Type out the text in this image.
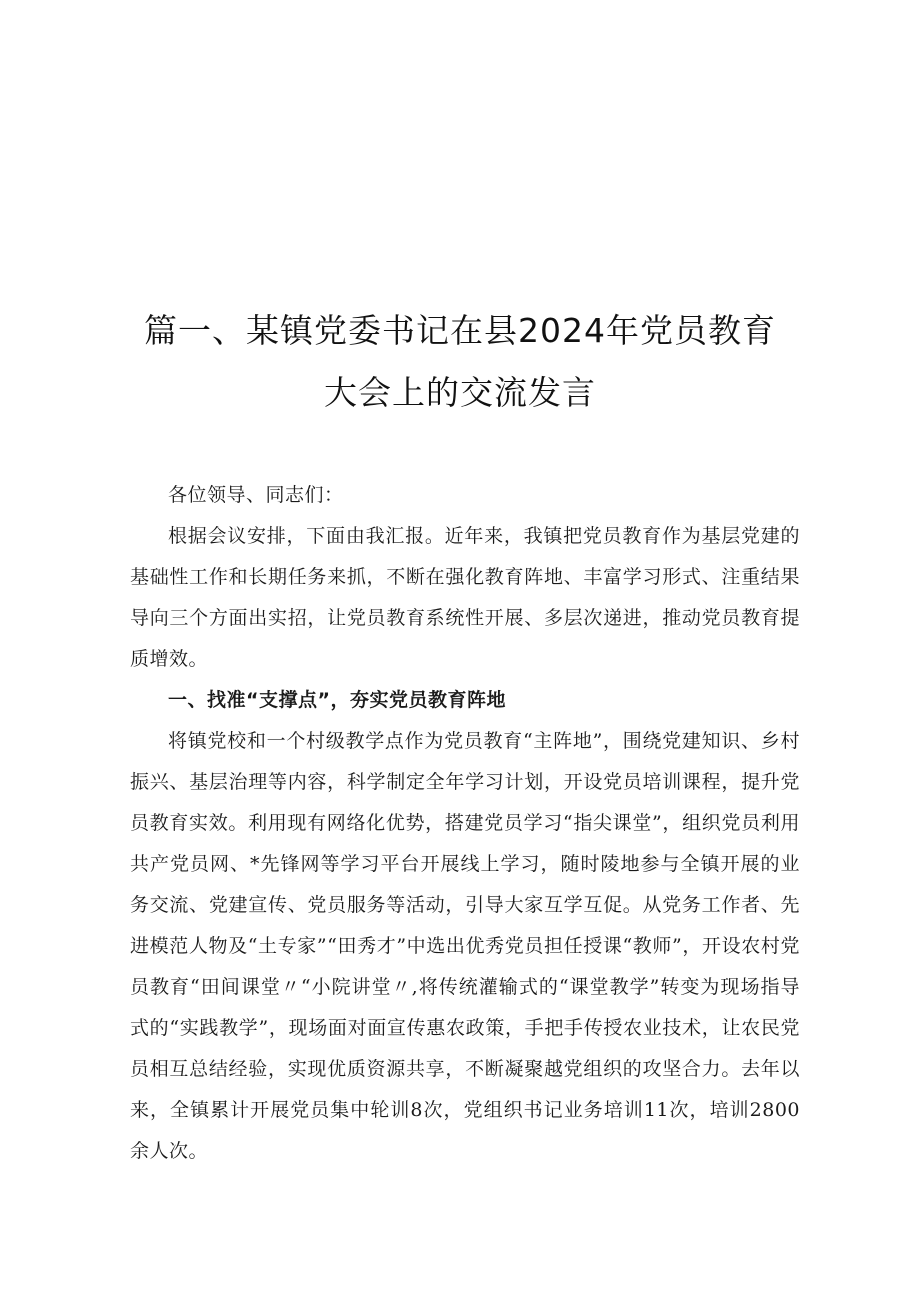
篇一、某镇党委书记在县2024年党员教育大会上的交流发言

各位领导、同志们：

根据会议安排，下面由我汇报。近年来，我镇把党员教育作为基层党建的基础性工作和长期任务来抓，不断在强化教育阵地、丰富学习形式、注重结果导向三个方面出实招，让党员教育系统性开展、多层次递进，推动党员教育提质增效。

一、找准“支撑点”，夯实党员教育阵地

将镇党校和一个村级教学点作为党员教育“主阵地”，围绕党建知识、乡村振兴、基层治理等内容，科学制定全年学习计划，开设党员培训课程，提升党员教育实效。利用现有网络化优势，搭建党员学习“指尖课堂”，组织党员利用共产党员网、*先锋网等学习平台开展线上学习，随时陵地参与全镇开展的业务交流、党建宣传、党员服务等活动，引导大家互学互促。从党务工作者、先进模范人物及“土专家”“田秀才”中选出优秀党员担任授课“教师”，开设农村党员教育“田间课堂〃“小院讲堂〃,将传统灌输式的“课堂教学”转变为现场指导式的“实践教学”，现场面对面宣传惠农政策，手把手传授农业技术，让农民党员相互总结经验，实现优质资源共享，不断凝聚越党组织的攻坚合力。去年以来，全镇累计开展党员集中轮训8次，党组织书记业务培训11次，培训2800余人次。
